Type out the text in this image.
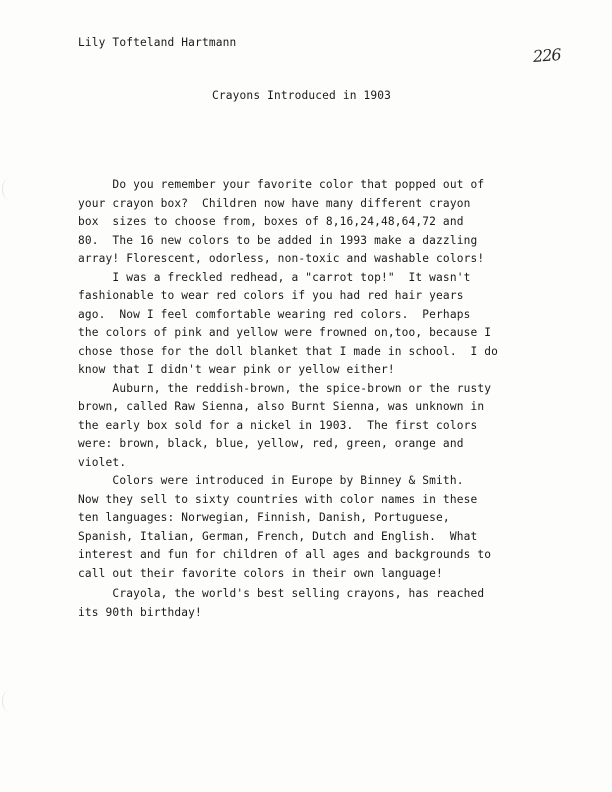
Lily Tofteland Hartmann
226
Crayons Introduced in 1903
Do you remember your favorite color that popped out of
your crayon box?  Children now have many different crayon
box  sizes to choose from, boxes of 8,16,24,48,64,72 and
80.  The 16 new colors to be added in 1993 make a dazzling
array! Florescent, odorless, non-toxic and washable colors!
I was a freckled redhead, a "carrot top!"  It wasn't
fashionable to wear red colors if you had red hair years
ago.  Now I feel comfortable wearing red colors.  Perhaps
the colors of pink and yellow were frowned on,too, because I
chose those for the doll blanket that I made in school.  I do
know that I didn't wear pink or yellow either!
Auburn, the reddish-brown, the spice-brown or the rusty
brown, called Raw Sienna, also Burnt Sienna, was unknown in
the early box sold for a nickel in 1903.  The first colors
were: brown, black, blue, yellow, red, green, orange and
violet.
Colors were introduced in Europe by Binney & Smith.
Now they sell to sixty countries with color names in these
ten languages: Norwegian, Finnish, Danish, Portuguese,
Spanish, Italian, German, French, Dutch and English.  What
interest and fun for children of all ages and backgrounds to
call out their favorite colors in their own language!
Crayola, the world's best selling crayons, has reached
its 90th birthday!
